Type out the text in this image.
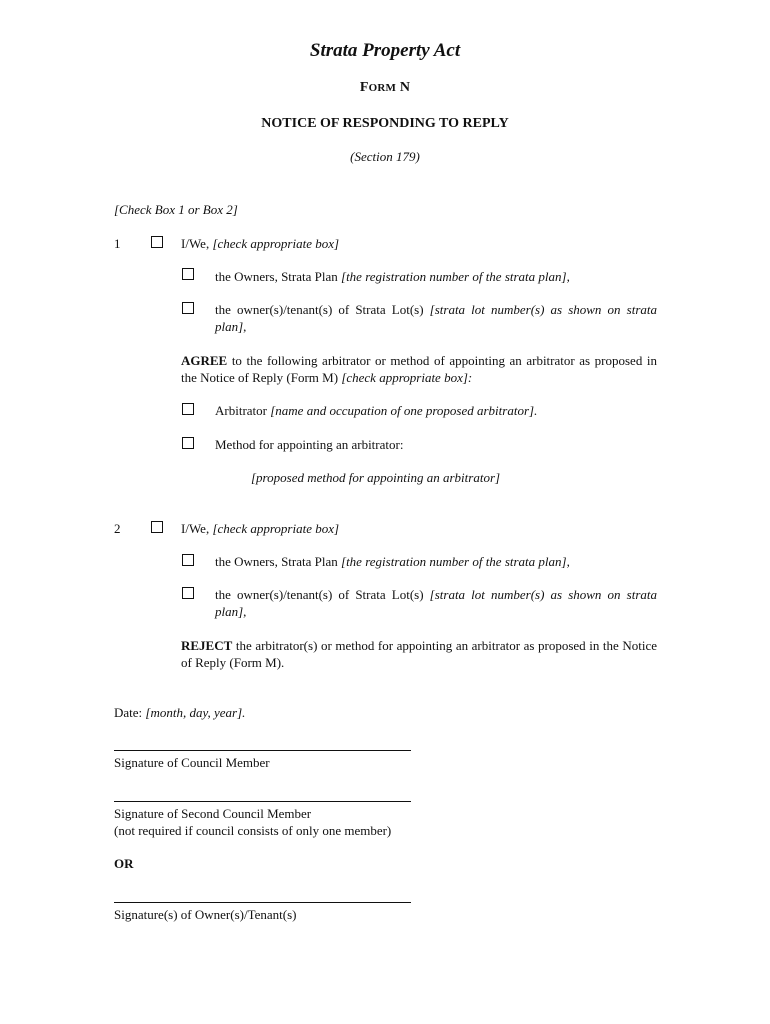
Strata Property Act
FORM N
NOTICE OF RESPONDING TO REPLY
(Section 179)
[Check Box 1 or Box 2]
1	I/We, [check appropriate box]
the Owners, Strata Plan [the registration number of the strata plan],
the owner(s)/tenant(s) of Strata Lot(s) [strata lot number(s) as shown on strata plan],
AGREE to the following arbitrator or method of appointing an arbitrator as proposed in the Notice of Reply (Form M) [check appropriate box]:
Arbitrator [name and occupation of one proposed arbitrator].
Method for appointing an arbitrator:
[proposed method for appointing an arbitrator]
2	I/We, [check appropriate box]
the Owners, Strata Plan [the registration number of the strata plan],
the owner(s)/tenant(s) of Strata Lot(s) [strata lot number(s) as shown on strata plan],
REJECT the arbitrator(s) or method for appointing an arbitrator as proposed in the Notice of Reply (Form M).
Date: [month, day, year].
Signature of Council Member
Signature of Second Council Member
(not required if council consists of only one member)
OR
Signature(s) of Owner(s)/Tenant(s)
